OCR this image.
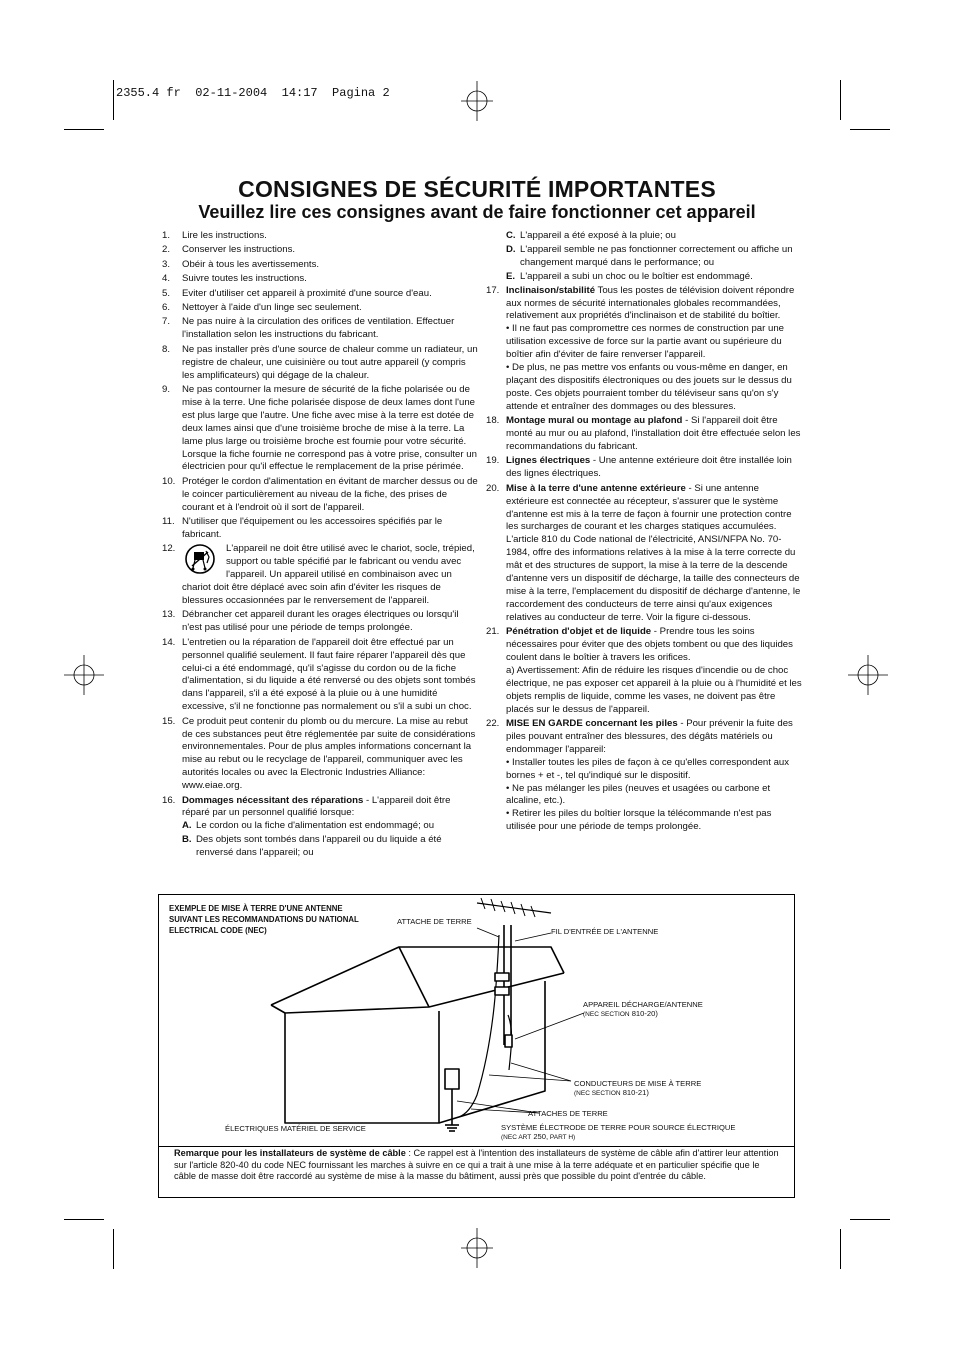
2355.4 fr  02-11-2004  14:17  Pagina 2
CONSIGNES DE SÉCURITÉ IMPORTANTES
Veuillez lire ces consignes avant de faire fonctionner cet appareil
1. Lire les instructions.
2. Conserver les instructions.
3. Obéir à tous les avertissements.
4. Suivre toutes les instructions.
5. Eviter d'utiliser cet appareil à proximité d'une source d'eau.
6. Nettoyer à l'aide d'un linge sec seulement.
7. Ne pas nuire à la circulation des orifices de ventilation. Effectuer l'installation selon les instructions du fabricant.
8. Ne pas installer près d'une source de chaleur comme un radiateur, un registre de chaleur, une cuisinière ou tout autre appareil (y compris les amplificateurs) qui dégage de la chaleur.
9. Ne pas contourner la mesure de sécurité de la fiche polarisée ou de mise à la terre. Une fiche polarisée dispose de deux lames dont l'une est plus large que l'autre. Une fiche avec mise à la terre est dotée de deux lames ainsi que d'une troisième broche de mise à la terre. La lame plus large ou troisième broche est fournie pour votre sécurité. Lorsque la fiche fournie ne correspond pas à votre prise, consulter un électricien pour qu'il effectue le remplacement de la prise périmée.
10. Protéger le cordon d'alimentation en évitant de marcher dessus ou de le coincer particulièrement au niveau de la fiche, des prises de courant et à l'endroit où il sort de l'appareil.
11. N'utiliser que l'équipement ou les accessoires spécifiés par le fabricant.
12.	L'appareil ne doit être utilisé avec le chariot, socle, trépied, support ou table spécifié par le fabricant ou vendu avec l'appareil. Un appareil utilisé en combinaison avec un chariot doit être déplacé avec soin afin d'éviter les risques de blessures occasionnées par le renversement de l'appareil.
13. Débrancher cet appareil durant les orages électriques ou lorsqu'il n'est pas utilisé pour une période de temps prolongée.
14. L'entretien ou la réparation de l'appareil doit être effectué par un personnel qualifié seulement. Il faut faire réparer l'appareil dès que celui-ci a été endommagé, qu'il s'agisse du cordon ou de la fiche d'alimentation, si du liquide a été renversé ou des objets sont tombés dans l'appareil, s'il a été exposé à la pluie ou à une humidité excessive, s'il ne fonctionne pas normalement ou s'il a subi un choc.
15. Ce produit peut contenir du plomb ou du mercure. La mise au rebut de ces substances peut être réglementée par suite de considérations environnementales. Pour de plus amples informations concernant la mise au rebut ou le recyclage de l'appareil, communiquer avec les autorités locales ou avec la Electronic Industries Alliance: www.eiae.org.
16. Dommages nécessitant des réparations - L'appareil doit être réparé par un personnel qualifié lorsque:
A. Le cordon ou la fiche d'alimentation est endommagé; ou
B. Des objets sont tombés dans l'appareil ou du liquide a été renversé dans l'appareil; ou
C. L'appareil a été exposé à la pluie; ou
D. L'appareil semble ne pas fonctionner correctement ou affiche un changement marqué dans le performance; ou
E. L'appareil a subi un choc ou le boîtier est endommagé.
17. Inclinaison/stabilité Tous les postes de télévision doivent répondre aux normes de sécurité internationales globales recommandées, relativement aux propriétés d'inclinaison et de stabilité du boîtier.
• Il ne faut pas compromettre ces normes de construction par une utilisation excessive de force sur la partie avant ou supérieure du boîtier afin d'éviter de faire renverser l'appareil.
• De plus, ne pas mettre vos enfants ou vous-même en danger, en plaçant des dispositifs électroniques ou des jouets sur le dessus du poste. Ces objets pourraient tomber du téléviseur sans qu'on s'y attende et entraîner des dommages ou des blessures.
18. Montage mural ou montage au plafond - Si l'appareil doit être monté au mur ou au plafond, l'installation doit être effectuée selon les recommandations du fabricant.
19. Lignes électriques - Une antenne extérieure doit être installée loin des lignes électriques.
20. Mise à la terre d'une antenne extérieure - Si une antenne extérieure est connectée au récepteur, s'assurer que le système d'antenne est mis à la terre de façon à fournir une protection contre les surcharges de courant et les charges statiques accumulées.
L'article 810 du Code national de l'électricité, ANSI/NFPA No. 70-1984, offre des informations relatives à la mise à la terre correcte du mât et des structures de support, la mise à la terre de la descende d'antenne vers un dispositif de décharge, la taille des connecteurs de mise à la terre, l'emplacement du dispositif de décharge d'antenne, le raccordement des conducteurs de terre ainsi qu'aux exigences relatives au conducteur de terre. Voir la figure ci-dessous.
21. Pénétration d'objet et de liquide - Prendre tous les soins nécessaires pour éviter que des objets tombent ou que des liquides coulent dans le boîtier à travers les orifices.
a) Avertissement: Afin de réduire les risques d'incendie ou de choc électrique, ne pas exposer cet appareil à la pluie ou à l'humidité et les objets remplis de liquide, comme les vases, ne doivent pas être placés sur le dessus de l'appareil.
22. MISE EN GARDE concernant les piles - Pour prévenir la fuite des piles pouvant entraîner des blessures, des dégâts matériels ou endommager l'appareil:
• Installer toutes les piles de façon à ce qu'elles correspondent aux bornes + et -, tel qu'indiqué sur le dispositif.
• Ne pas mélanger les piles (neuves et usagées ou carbone et alcaline, etc.).
• Retirer les piles du boîtier lorsque la télécommande n'est pas utilisée pour une période de temps prolongée.
EXEMPLE DE MISE À TERRE D'UNE ANTENNE SUIVANT LES RECOMMANDATIONS DU NATIONAL ELECTRICAL CODE (NEC)
ATTACHE DE TERRE
FIL D'ENTRÉE DE L'ANTENNE
APPAREIL DÉCHARGE/ANTENNE
(NEC SECTION 810-20)
CONDUCTEURS DE MISE À TERRE
(NEC SECTION 810-21)
ATTACHES DE TERRE
ÉLECTRIQUES MATÉRIEL DE SERVICE	SYSTÈME ÉLECTRODE DE TERRE POUR SOURCE ÉLECTRIQUE
(NEC ART 250, PART H)
Remarque pour les installateurs de système de câble : Ce rappel est à l'intention des installateurs de système de câble afin d'attirer leur attention sur l'article 820-40 du code NEC fournissant les marches à suivre en ce qui a trait à une mise à la terre adéquate et en particulier spécifie que le câble de masse doit être raccordé au système de mise à la masse du bâtiment, aussi près que possible du point d'entrée du câble.
